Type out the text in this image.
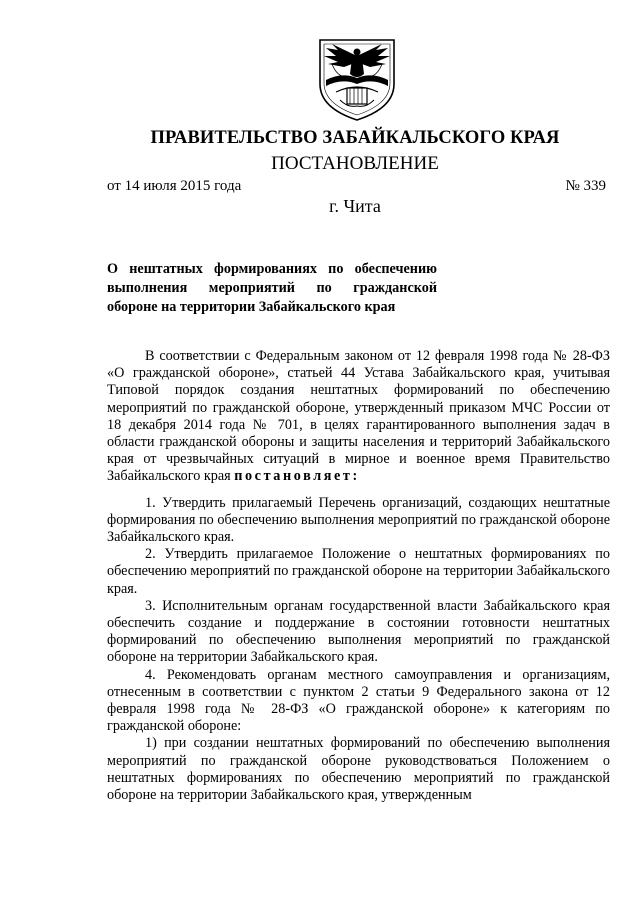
ПРАВИТЕЛЬСТВО ЗАБАЙКАЛЬСКОГО КРАЯ
ПОСТАНОВЛЕНИЕ
от 14 июля 2015 года	№ 339
г. Чита
О нештатных формированиях по обеспечению выполнения мероприятий по гражданской обороне на территории Забайкальского края

В соответствии с Федеральным законом от 12 февраля 1998 года № 28-ФЗ «О гражданской обороне», статьей 44 Устава Забайкальского края, учитывая Типовой порядок создания нештатных формирований по обеспечению мероприятий по гражданской обороне, утвержденный приказом МЧС России от 18 декабря 2014 года № 701, в целях гарантированного выполнения задач в области гражданской обороны и защиты населения и территорий Забайкальского края от чрезвычайных ситуаций в мирное и военное время Правительство Забайкальского края постановляет:

1. Утвердить прилагаемый Перечень организаций, создающих нештатные формирования по обеспечению выполнения мероприятий по гражданской обороне Забайкальского края.

2. Утвердить прилагаемое Положение о нештатных формированиях по обеспечению мероприятий по гражданской обороне на территории Забайкальского края.

3. Исполнительным органам государственной власти Забайкальского края обеспечить создание и поддержание в состоянии готовности нештатных формирований по обеспечению выполнения мероприятий по гражданской обороне на территории Забайкальского края.

4. Рекомендовать органам местного самоуправления и организациям, отнесенным в соответствии с пунктом 2 статьи 9 Федерального закона от 12 февраля 1998 года № 28-ФЗ «О гражданской обороне» к категориям по гражданской обороне:

1) при создании нештатных формирований по обеспечению выполнения мероприятий по гражданской обороне руководствоваться Положением о нештатных формированиях по обеспечению мероприятий по гражданской обороне на территории Забайкальского края, утвержденным
